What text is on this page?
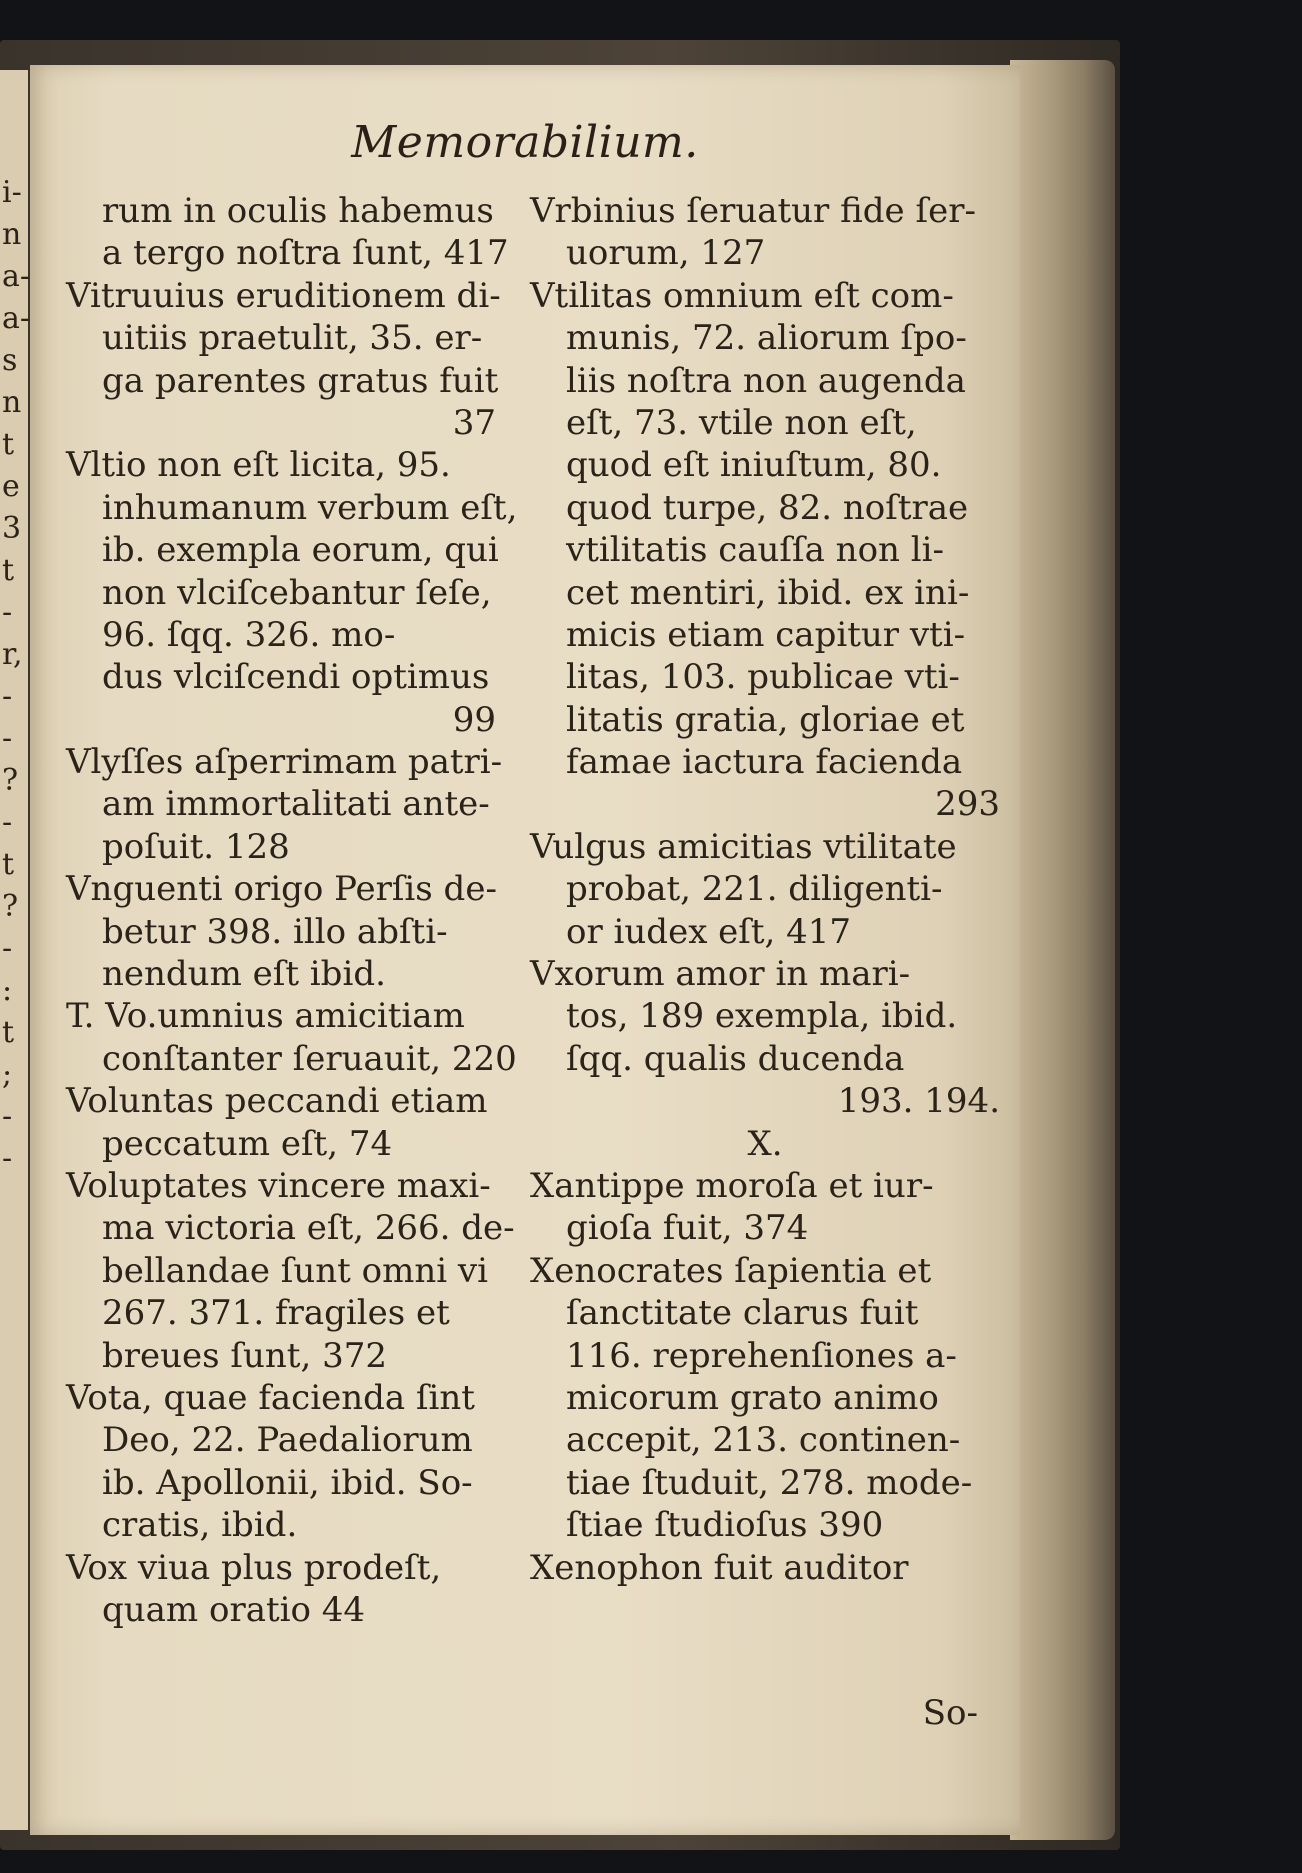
i-
n
a-
a-
s
n
t
e
3
t
-
r,
-
-
?
-
t
?
-
:
t
;
-
-
Memorabilium.
rum in oculis habemus
a tergo noſtra ſunt, 417
Vitruuius eruditionem di-
uitiis praetulit, 35. er-
ga parentes gratus fuit
37
Vltio non eſt licita, 95.
inhumanum verbum eſt,
ib. exempla eorum, qui
non vlciſcebantur ſeſe,
96. ſqq. 326. mo-
dus vlciſcendi optimus
99
Vlyſſes aſperrimam patri-
am immortalitati ante-
poſuit. 128
Vnguenti origo Perſis de-
betur 398. illo abſti-
nendum eſt ibid.
T. Vo.umnius amicitiam
conſtanter ſeruauit, 220
Voluntas peccandi etiam
peccatum eſt, 74
Voluptates vincere maxi-
ma victoria eſt, 266. de-
bellandae ſunt omni vi
267. 371. fragiles et
breues ſunt, 372
Vota, quae facienda ſint
Deo, 22. Paedaliorum
ib. Apollonii, ibid. So-
cratis, ibid.
Vox viua plus prodeſt,
quam oratio 44
Vrbinius ſeruatur fide ſer-
uorum, 127
Vtilitas omnium eſt com-
munis, 72. aliorum ſpo-
liis noſtra non augenda
eſt, 73. vtile non eſt,
quod eſt iniuſtum, 80.
quod turpe, 82. noſtrae
vtilitatis cauſſa non li-
cet mentiri, ibid. ex ini-
micis etiam capitur vti-
litas, 103. publicae vti-
litatis gratia, gloriae et
famae iactura facienda
293
Vulgus amicitias vtilitate
probat, 221. diligenti-
or iudex eſt, 417
Vxorum amor in mari-
tos, 189 exempla, ibid.
ſqq. qualis ducenda
193. 194.
X.
Xantippe moroſa et iur-
gioſa fuit, 374
Xenocrates ſapientia et
ſanctitate clarus fuit
116. reprehenſiones a-
micorum grato animo
accepit, 213. continen-
tiae ſtuduit, 278. mode-
ſtiae ſtudioſus 390
Xenophon fuit auditor
So-
